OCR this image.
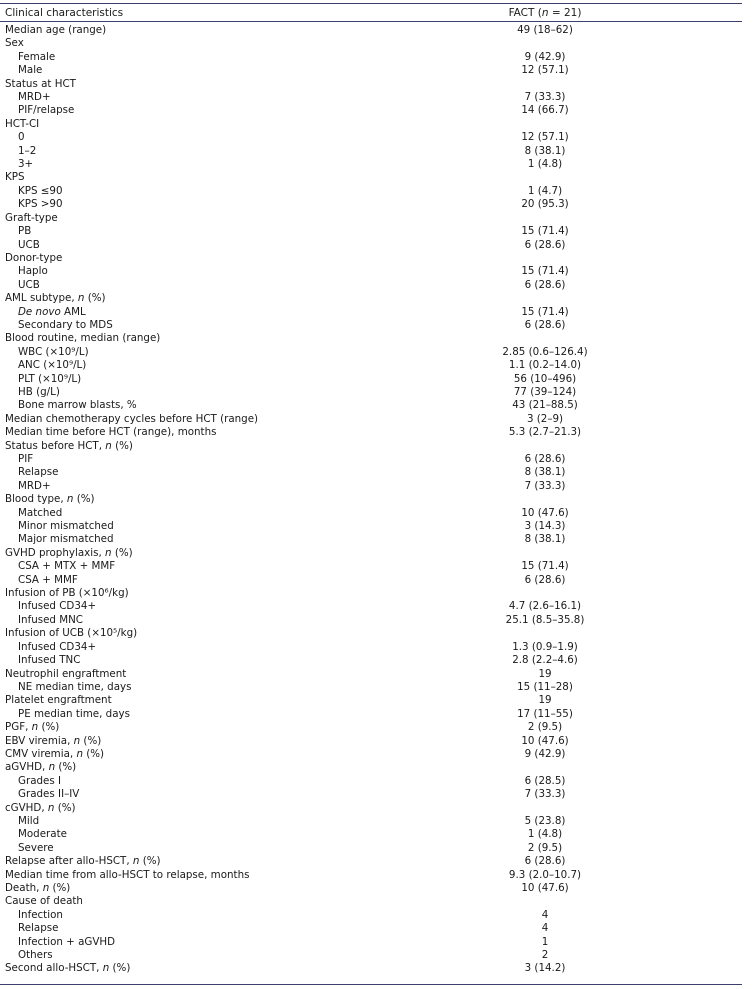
Clinical characteristics	FACT (n = 21)
Median age (range)	49 (18–62)
Sex
Female	9 (42.9)
Male	12 (57.1)
Status at HCT
MRD+	7 (33.3)
PIF/relapse	14 (66.7)
HCT-CI
0	12 (57.1)
1–2	8 (38.1)
3+	1 (4.8)
KPS
KPS ≤90	1 (4.7)
KPS >90	20 (95.3)
Graft-type
PB	15 (71.4)
UCB	6 (28.6)
Donor-type
Haplo	15 (71.4)
UCB	6 (28.6)
AML subtype, n (%)
De novo AML	15 (71.4)
Secondary to MDS	6 (28.6)
Blood routine, median (range)
WBC (×10⁹/L)	2.85 (0.6–126.4)
ANC (×10⁹/L)	1.1 (0.2–14.0)
PLT (×10⁹/L)	56 (10–496)
HB (g/L)	77 (39–124)
Bone marrow blasts, %	43 (21–88.5)
Median chemotherapy cycles before HCT (range)	3 (2–9)
Median time before HCT (range), months	5.3 (2.7–21.3)
Status before HCT, n (%)
PIF	6 (28.6)
Relapse	8 (38.1)
MRD+	7 (33.3)
Blood type, n (%)
Matched	10 (47.6)
Minor mismatched	3 (14.3)
Major mismatched	8 (38.1)
GVHD prophylaxis, n (%)
CSA + MTX + MMF	15 (71.4)
CSA + MMF	6 (28.6)
Infusion of PB (×10⁶/kg)
Infused CD34+	4.7 (2.6–16.1)
Infused MNC	25.1 (8.5–35.8)
Infusion of UCB (×10⁵/kg)
Infused CD34+	1.3 (0.9–1.9)
Infused TNC	2.8 (2.2–4.6)
Neutrophil engraftment	19
NE median time, days	15 (11–28)
Platelet engraftment	19
PE median time, days	17 (11–55)
PGF, n (%)	2 (9.5)
EBV viremia, n (%)	10 (47.6)
CMV viremia, n (%)	9 (42.9)
aGVHD, n (%)
Grades I	6 (28.5)
Grades II–IV	7 (33.3)
cGVHD, n (%)
Mild	5 (23.8)
Moderate	1 (4.8)
Severe	2 (9.5)
Relapse after allo-HSCT, n (%)	6 (28.6)
Median time from allo-HSCT to relapse, months	9.3 (2.0–10.7)
Death, n (%)	10 (47.6)
Cause of death
Infection	4
Relapse	4
Infection + aGVHD	1
Others	2
Second allo-HSCT, n (%)	3 (14.2)
